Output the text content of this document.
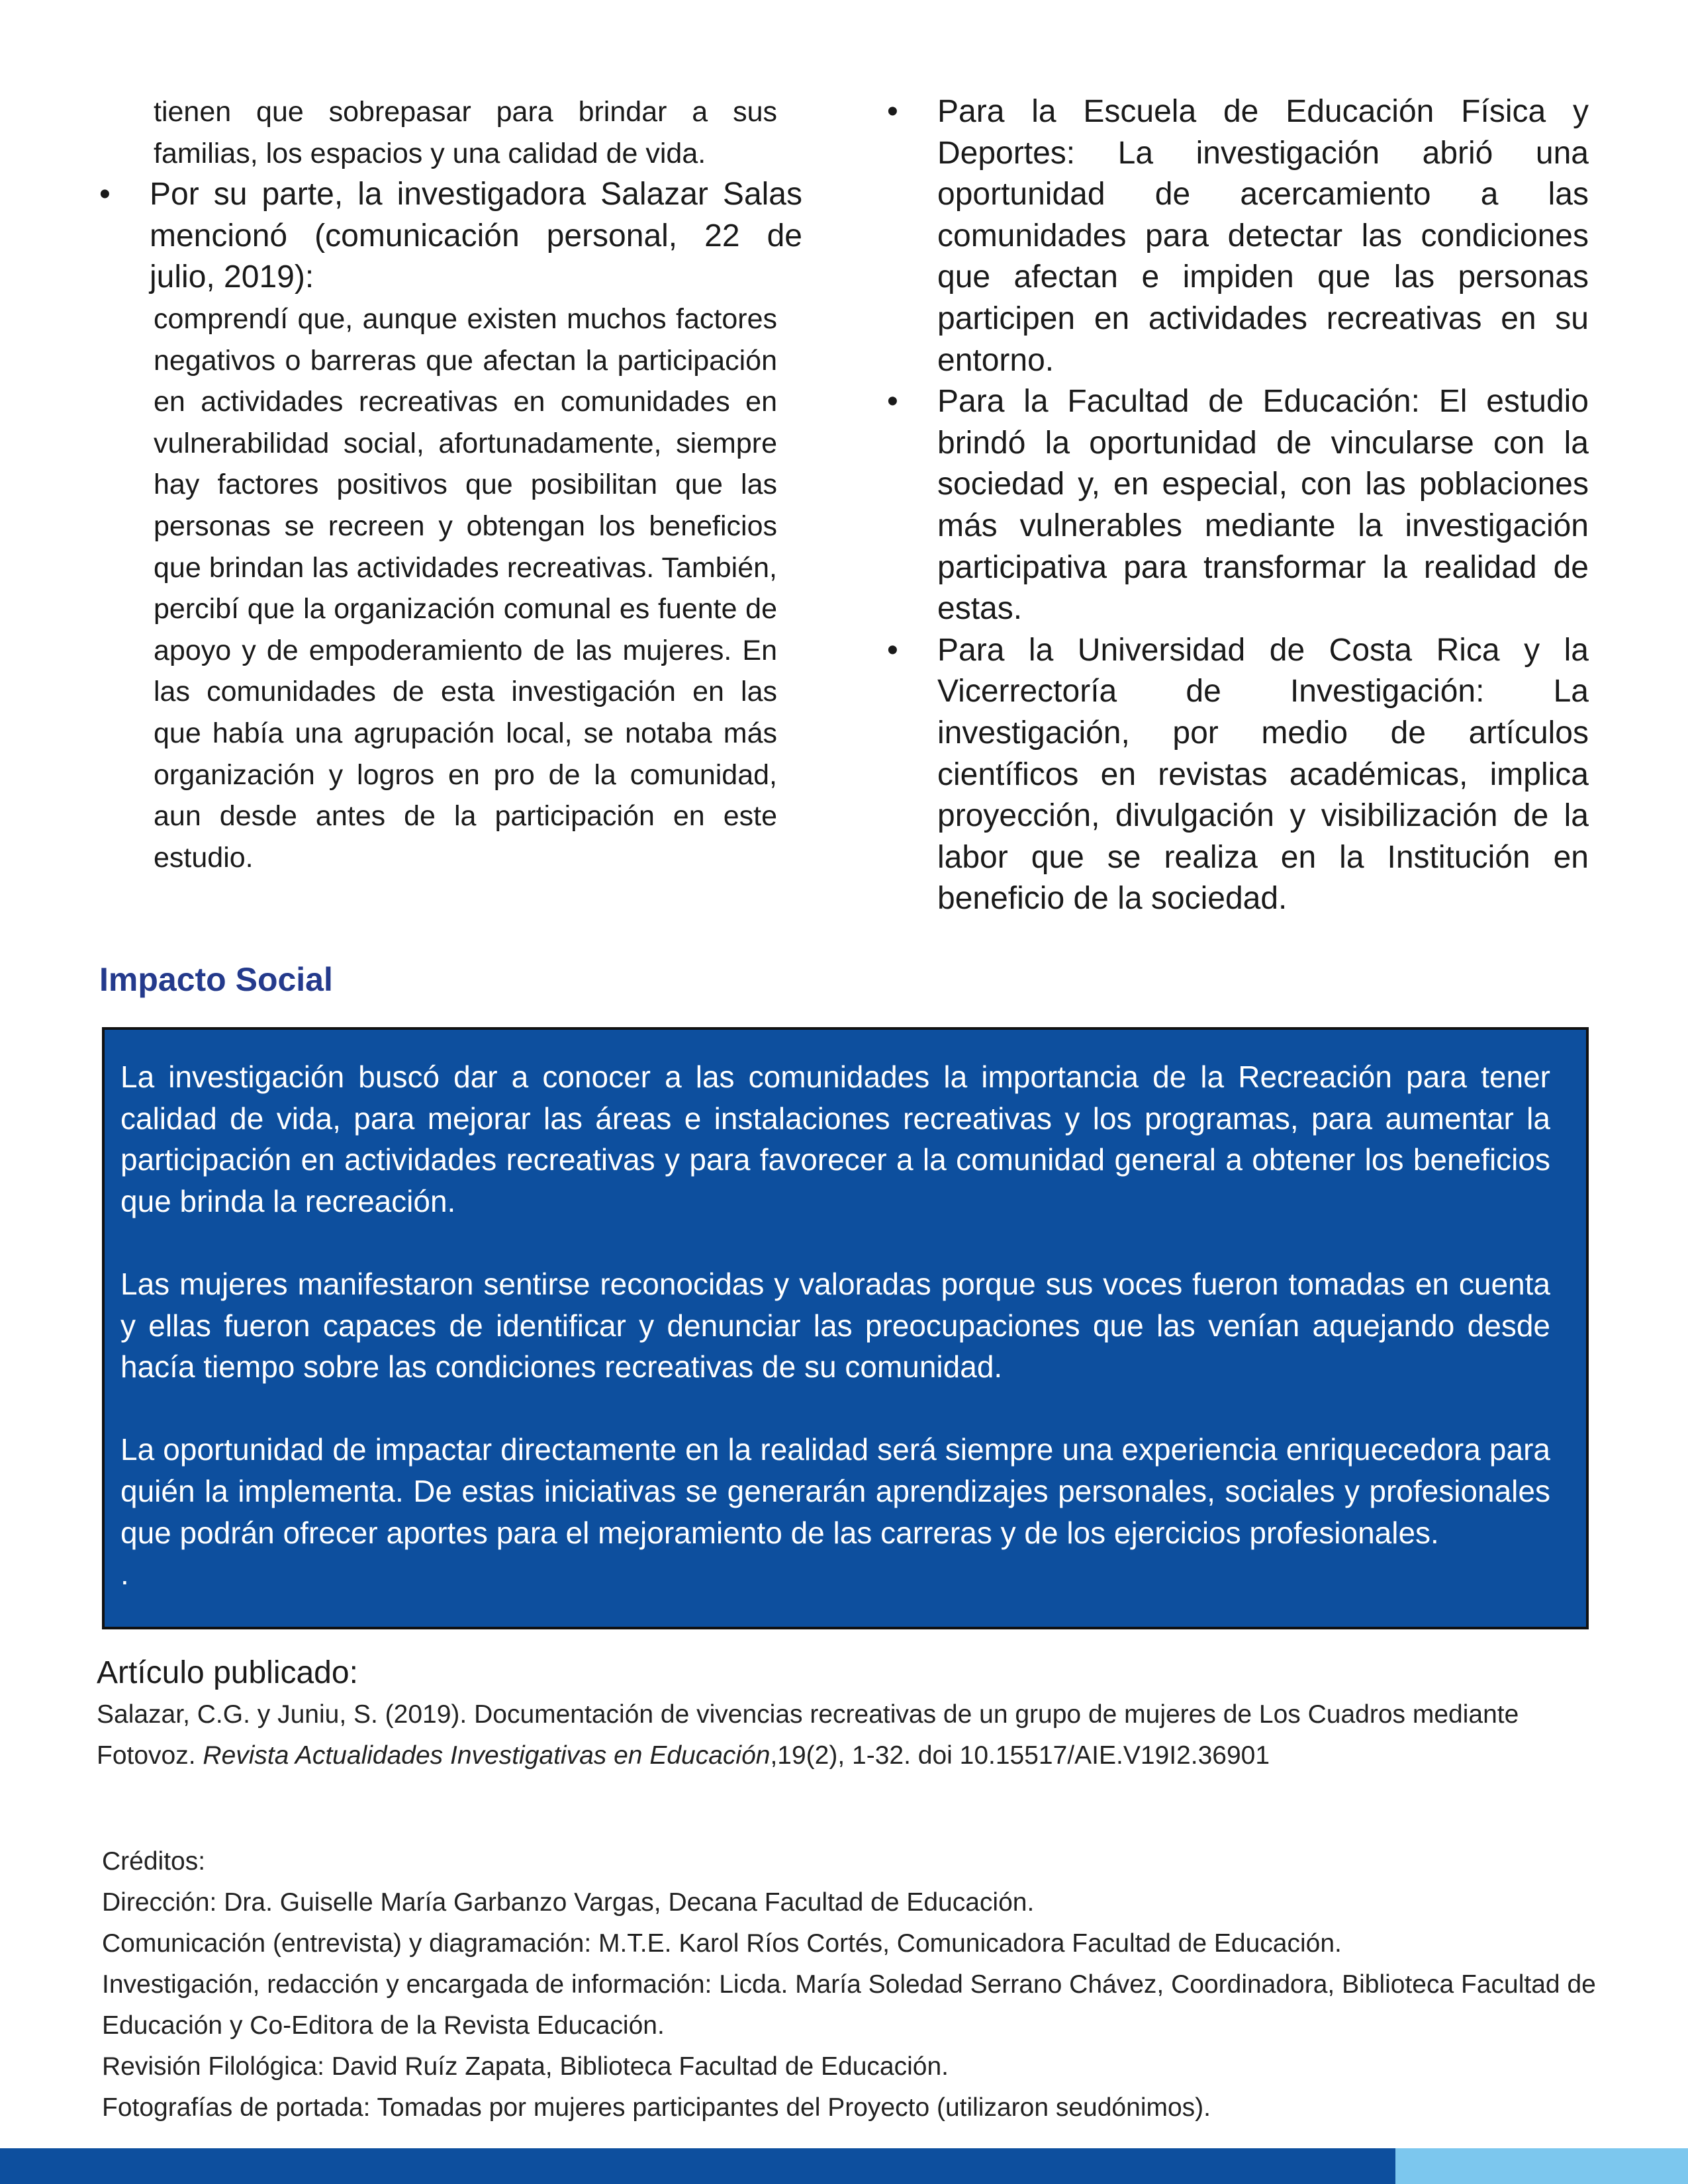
tienen que sobrepasar para brindar a sus familias, los espacios y una calidad de vida.

•	Por su parte, la investigadora Salazar Salas mencionó (comunicación personal, 22 de julio, 2019):

comprendí que, aunque existen muchos factores negativos o barreras que afectan la participación en actividades recreativas en comunidades en vulnerabilidad social, afortunadamente, siempre hay factores positivos que posibilitan que las personas se recreen y obtengan los beneficios que brindan las actividades recreativas. También, percibí que la organización comunal es fuente de apoyo y de empoderamiento de las mujeres. En las comunidades de esta investigación en las que había una agrupación local, se notaba más organización y logros en pro de la comunidad, aun desde antes de la participación en este estudio.

•	Para la Escuela de Educación Física y Deportes: La investigación abrió una oportunidad de acercamiento a las comunidades para detectar las condiciones que afectan e impiden que las personas participen en actividades recreativas en su entorno.

•	Para la Facultad de Educación: El estudio brindó la oportunidad de vincularse con la sociedad y, en especial, con las poblaciones más vulnerables mediante la investigación participativa para transformar la realidad de estas.

•	Para la Universidad de Costa Rica y la Vicerrectoría de Investigación: La investigación, por medio de artículos científicos en revistas académicas, implica proyección, divulgación y visibilización de la labor que se realiza en la Institución en beneficio de la sociedad.

Impacto Social

La investigación buscó dar a conocer a las comunidades la importancia de la Recreación para tener calidad de vida, para mejorar las áreas e instalaciones recreativas y los programas, para aumentar la participación en actividades recreativas y para favorecer a la comunidad general a obtener los beneficios que brinda la recreación.

Las mujeres manifestaron sentirse reconocidas y valoradas porque sus voces fueron tomadas en cuenta y ellas fueron capaces de identificar y denunciar las preocupaciones que las venían aquejando desde hacía tiempo sobre las condiciones recreativas de su comunidad.

La oportunidad de impactar directamente en la realidad será siempre una experiencia enriquecedora para quién la implementa. De estas iniciativas se generarán aprendizajes personales, sociales y profesionales que podrán ofrecer aportes para el mejoramiento de las carreras y de los ejercicios profesionales.

.

Artículo publicado:

Salazar, C.G. y Juniu, S. (2019). Documentación de vivencias recreativas de un grupo de mujeres de Los Cuadros mediante Fotovoz. Revista Actualidades Investigativas en Educación,19(2), 1-32. doi 10.15517/AIE.V19I2.36901

Créditos:

Dirección: Dra. Guiselle María Garbanzo Vargas, Decana Facultad de Educación.

Comunicación (entrevista) y diagramación: M.T.E. Karol Ríos Cortés, Comunicadora Facultad de Educación.

Investigación, redacción y encargada de información: Licda. María Soledad Serrano Chávez, Coordinadora, Biblioteca Facultad de Educación y Co-Editora de la Revista Educación.

Revisión Filológica: David Ruíz Zapata, Biblioteca Facultad de Educación.

Fotografías de portada: Tomadas por mujeres participantes del Proyecto (utilizaron seudónimos).
